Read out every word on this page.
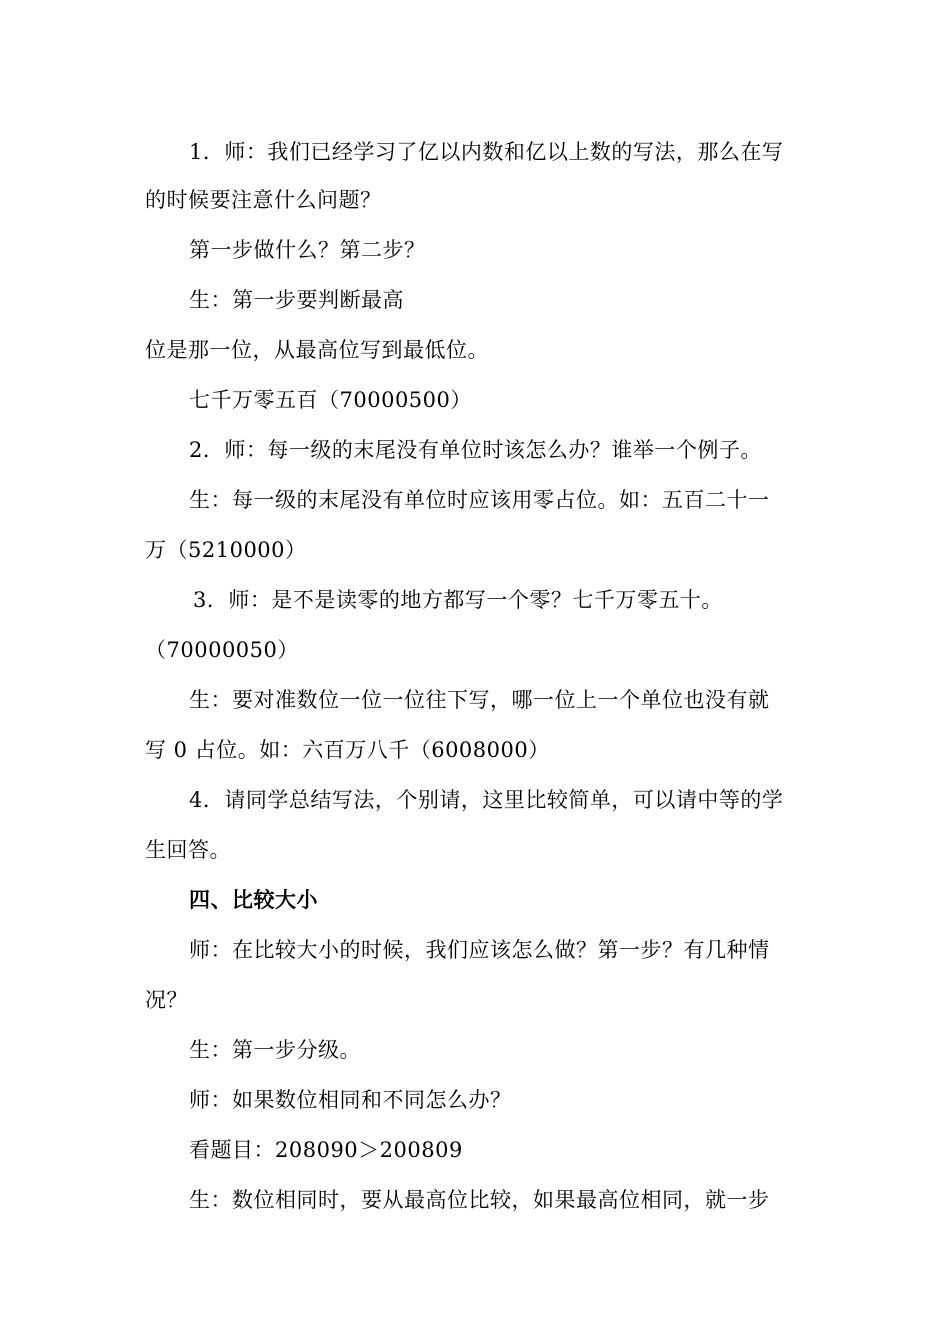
1．师：我们已经学习了亿以内数和亿以上数的写法，那么在写
的时候要注意什么问题？
第一步做什么？第二步？
生：第一步要判断最高
位是那一位，从最高位写到最低位。
七千万零五百（70000500）
2．师：每一级的末尾没有单位时该怎么办？谁举一个例子。
生：每一级的末尾没有单位时应该用零占位。如：五百二十一
万（5210000）
3．师：是不是读零的地方都写一个零？七千万零五十。
（70000050）
生：要对准数位一位一位往下写，哪一位上一个单位也没有就
写 0 占位。如：六百万八千（6008000）
4．请同学总结写法，个别请，这里比较简单，可以请中等的学
生回答。
四、比较大小
师：在比较大小的时候，我们应该怎么做？第一步？有几种情
况？
生：第一步分级。
师：如果数位相同和不同怎么办？
看题目：208090＞200809
生：数位相同时，要从最高位比较，如果最高位相同，就一步
